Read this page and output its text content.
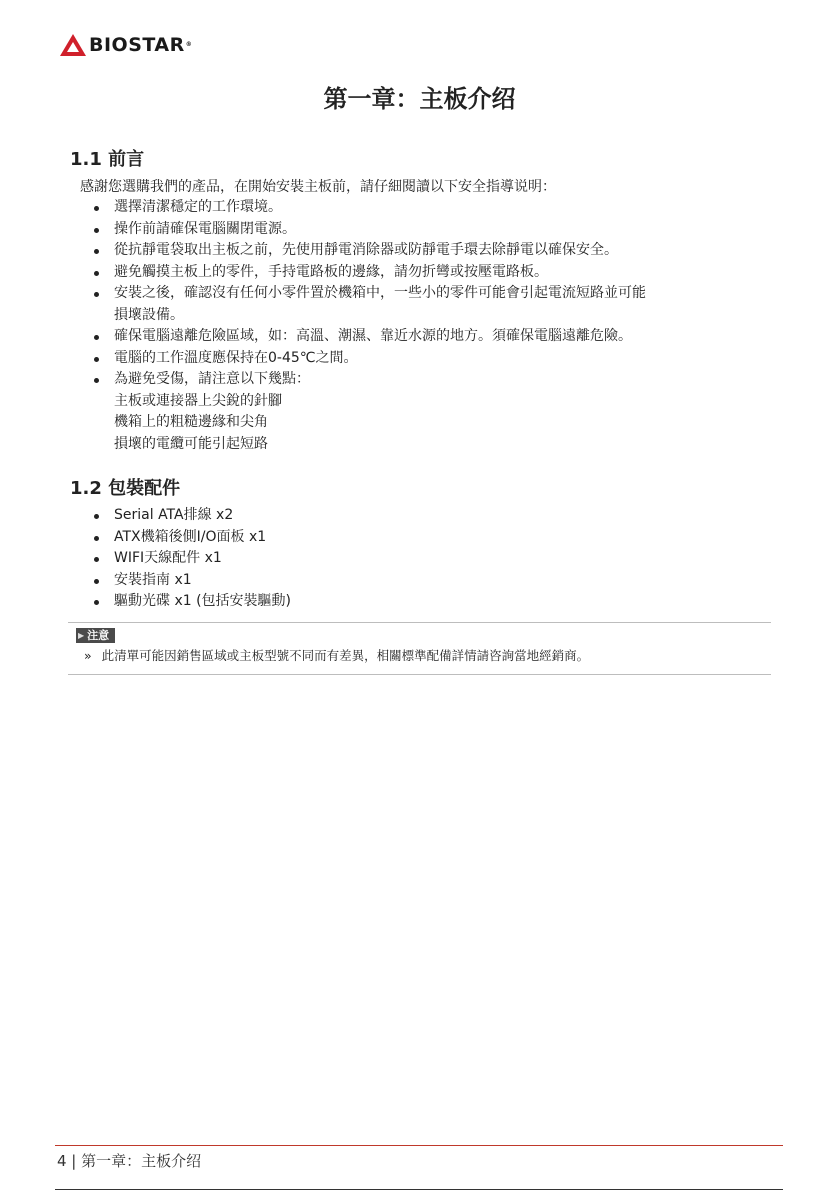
BIOSTAR®
第一章：主板介绍
1.1 前言
感謝您選購我們的產品，在開始安裝主板前，請仔細閱讀以下安全指導说明：
選擇清潔穩定的工作環境。
操作前請確保電腦關閉電源。
從抗靜電袋取出主板之前，先使用靜電消除器或防靜電手環去除靜電以確保安全。
避免觸摸主板上的零件，手持電路板的邊緣，請勿折彎或按壓電路板。
安裝之後，確認沒有任何小零件置於機箱中，一些小的零件可能會引起電流短路並可能
損壞設備。
確保電腦遠離危險區域，如：高溫、潮濕、靠近水源的地方。須確保電腦遠離危險。
電腦的工作溫度應保持在0-45℃之間。
為避免受傷，請注意以下幾點：
主板或連接器上尖銳的針腳
機箱上的粗糙邊緣和尖角
損壞的電纜可能引起短路
1.2 包裝配件
Serial ATA排線 x2
ATX機箱後側I/O面板 x1
WIFI天線配件 x1
安裝指南 x1
驅動光碟 x1 (包括安裝驅動)
▶ 注意
» 此清單可能因銷售區域或主板型號不同而有差異，相關標準配備詳情請咨詢當地經銷商。
4 | 第一章：主板介绍
